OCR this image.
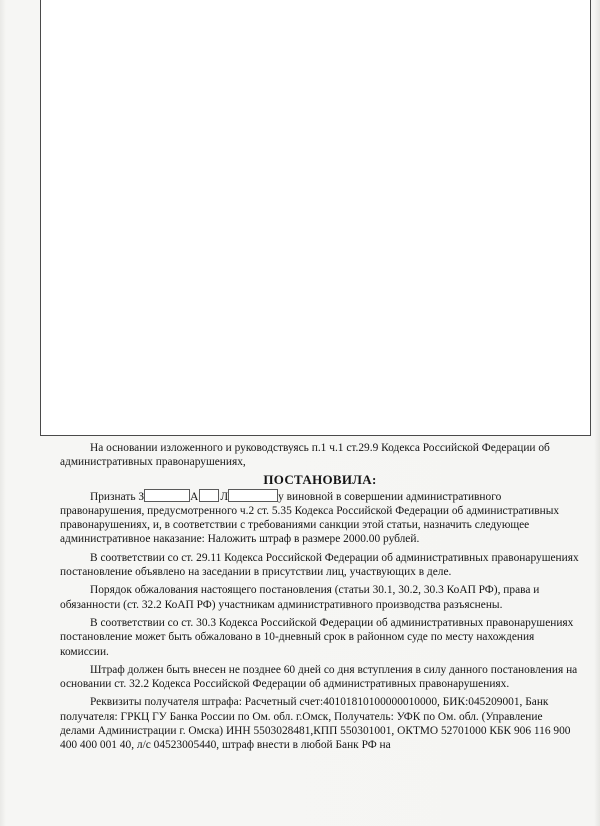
На основании изложенного и руководствуясь п.1 ч.1 ст.29.9 Кодекса Российской Федерации об административных правонарушениях,

ПОСТАНОВИЛА:

Признать З	А Л	у виновной в совершении административного правонарушения, предусмотренного ч.2 ст. 5.35 Кодекса Российской Федерации об административных правонарушениях, и, в соответствии с требованиями санкции этой статьи, назначить следующее административное наказание: Наложить штраф в размере 2000.00 рублей.

В соответствии со ст. 29.11 Кодекса Российской Федерации об административных правонарушениях постановление объявлено на заседании в присутствии лиц, участвующих в деле.

Порядок обжалования настоящего постановления (статьи 30.1, 30.2, 30.3 КоАП РФ), права и обязанности (ст. 32.2 КоАП РФ) участникам административного производства разъяснены.

В соответствии со ст. 30.3 Кодекса Российской Федерации об административных правонарушениях постановление может быть обжаловано в 10-дневный срок в районном суде по месту нахождения комиссии.

Штраф должен быть внесен не позднее 60 дней со дня вступления в силу данного постановления на основании ст. 32.2 Кодекса Российской Федерации об административных правонарушениях.

Реквизиты получателя штрафа: Расчетный счет:40101810100000010000, БИК:045209001, Банк получателя: ГРКЦ ГУ Банка России по Ом. обл. г.Омск, Получатель: УФК по Ом. обл. (Управление делами Администрации г. Омска) ИНН 5503028481,КПП 550301001, ОКТМО 52701000 КБК 906 116 900 400 400 001 40, л/с 04523005440, штраф внести в любой Банк РФ на
